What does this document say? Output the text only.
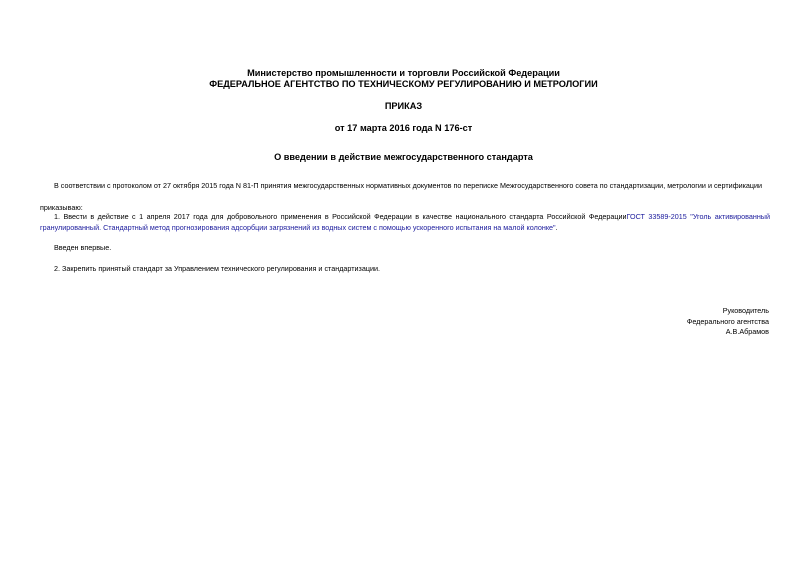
Министерство промышленности и торговли Российской Федерации
ФЕДЕРАЛЬНОЕ АГЕНТСТВО ПО ТЕХНИЧЕСКОМУ РЕГУЛИРОВАНИЮ И МЕТРОЛОГИИ
ПРИКАЗ
от 17 марта 2016 года N 176-ст
О введении в действие межгосударственного стандарта
В соответствии с протоколом от 27 октября 2015 года N 81-П принятия межгосударственных нормативных документов по переписке Межгосударственного совета по стандартизации, метрологии и сертификации
приказываю:
1. Ввести в действие с 1 апреля 2017 года для добровольного применения в Российской Федерации в качестве национального стандарта Российской ФедерацииГОСТ 33589-2015 "Уголь активированный гранулированный. Стандартный метод прогнозирования адсорбции загрязнений из водных систем с помощью ускоренного испытания на малой колонке".
Введен впервые.
2. Закрепить принятый стандарт за Управлением технического регулирования и стандартизации.
Руководитель
Федерального агентства
А.В.Абрамов
